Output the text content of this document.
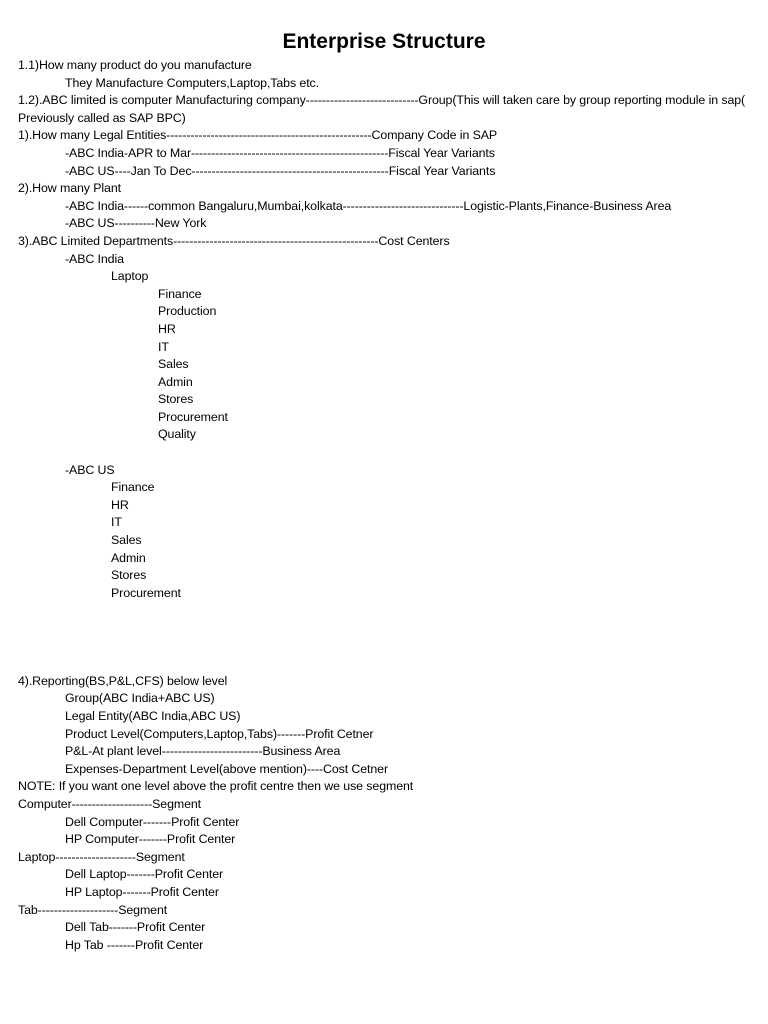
Enterprise Structure
1.1)How many product do you manufacture
They Manufacture Computers,Laptop,Tabs etc.
1.2).ABC limited is computer Manufacturing company----------------------------Group(This will taken care by group reporting module in sap( Previously called as SAP BPC)
1).How many Legal Entities---------------------------------------------------Company Code in SAP
-ABC India-APR to Mar-------------------------------------------------Fiscal Year Variants
-ABC US----Jan To Dec-------------------------------------------------Fiscal Year Variants
2).How many Plant
-ABC India------common Bangaluru,Mumbai,kolkata------------------------------Logistic-Plants,Finance-Business Area
-ABC US----------New York
3).ABC Limited Departments---------------------------------------------------Cost Centers
-ABC India
Laptop
Finance
Production
HR
IT
Sales
Admin
Stores
Procurement
Quality
-ABC US
Finance
HR
IT
Sales
Admin
Stores
Procurement
4).Reporting(BS,P&L,CFS) below level
Group(ABC India+ABC US)
Legal Entity(ABC India,ABC US)
Product Level(Computers,Laptop,Tabs)-------Profit Cetner
P&L-At plant level-------------------------Business Area
Expenses-Department Level(above mention)----Cost Cetner
NOTE: If you want one level above the profit centre then we use segment
Computer--------------------Segment
Dell Computer-------Profit Center
HP Computer-------Profit Center
Laptop--------------------Segment
Dell Laptop-------Profit Center
HP Laptop-------Profit Center
Tab--------------------Segment
Dell Tab-------Profit Center
Hp Tab -------Profit Center
